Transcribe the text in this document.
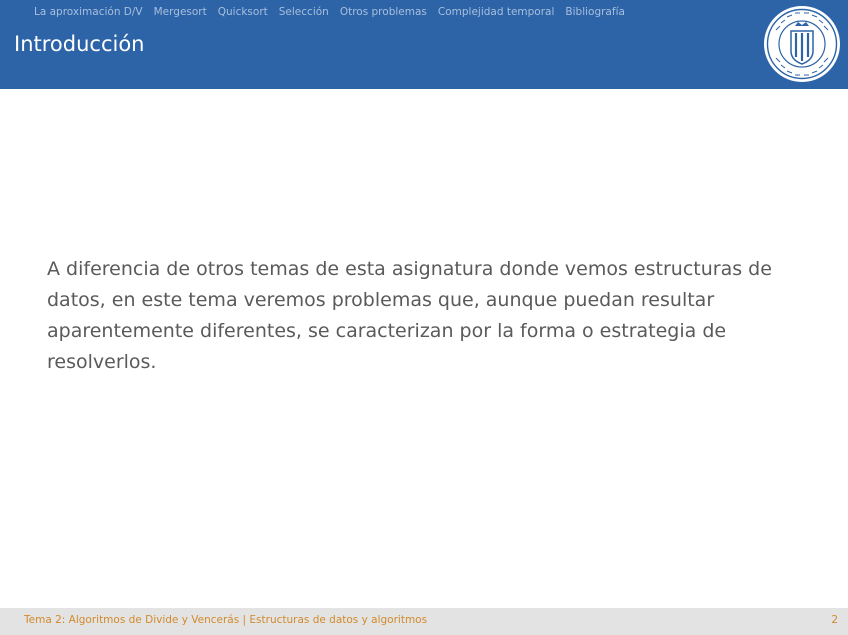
La aproximación D/V Mergesort Quicksort Selección Otros problemas Complejidad temporal Bibliografía
Introducción

A diferencia de otros temas de esta asignatura donde vemos estructuras de datos, en este tema veremos problemas que, aunque puedan resultar aparentemente diferentes, se caracterizan por la forma o estrategia de resolverlos.

Tema 2: Algoritmos de Divide y Vencerás | Estructuras de datos y algoritmos	2
